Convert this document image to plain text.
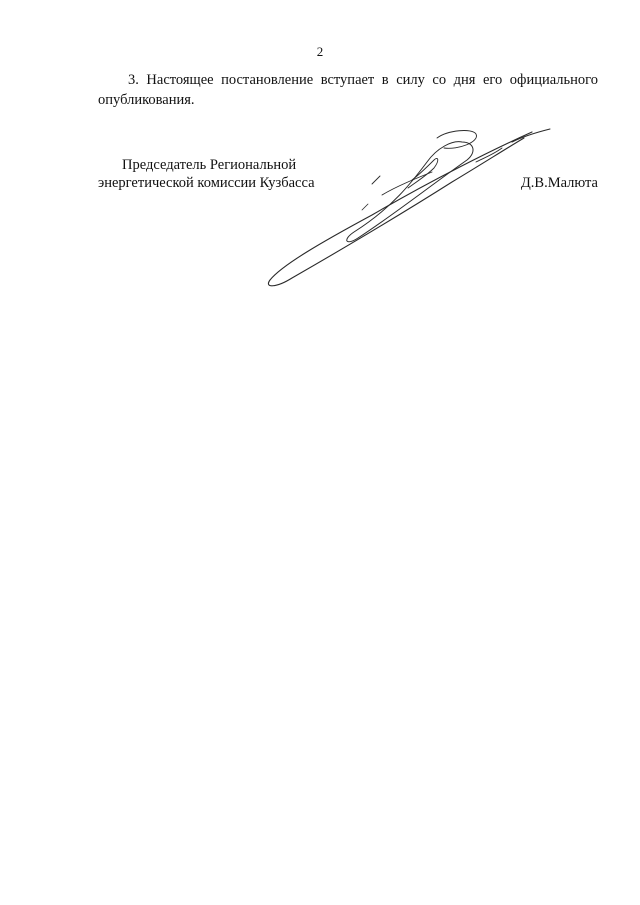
2

3. Настоящее постановление вступает в силу со дня его официального
опубликования.

Председатель Региональной
энергетической комиссии Кузбасса	Д.В.Малюта
